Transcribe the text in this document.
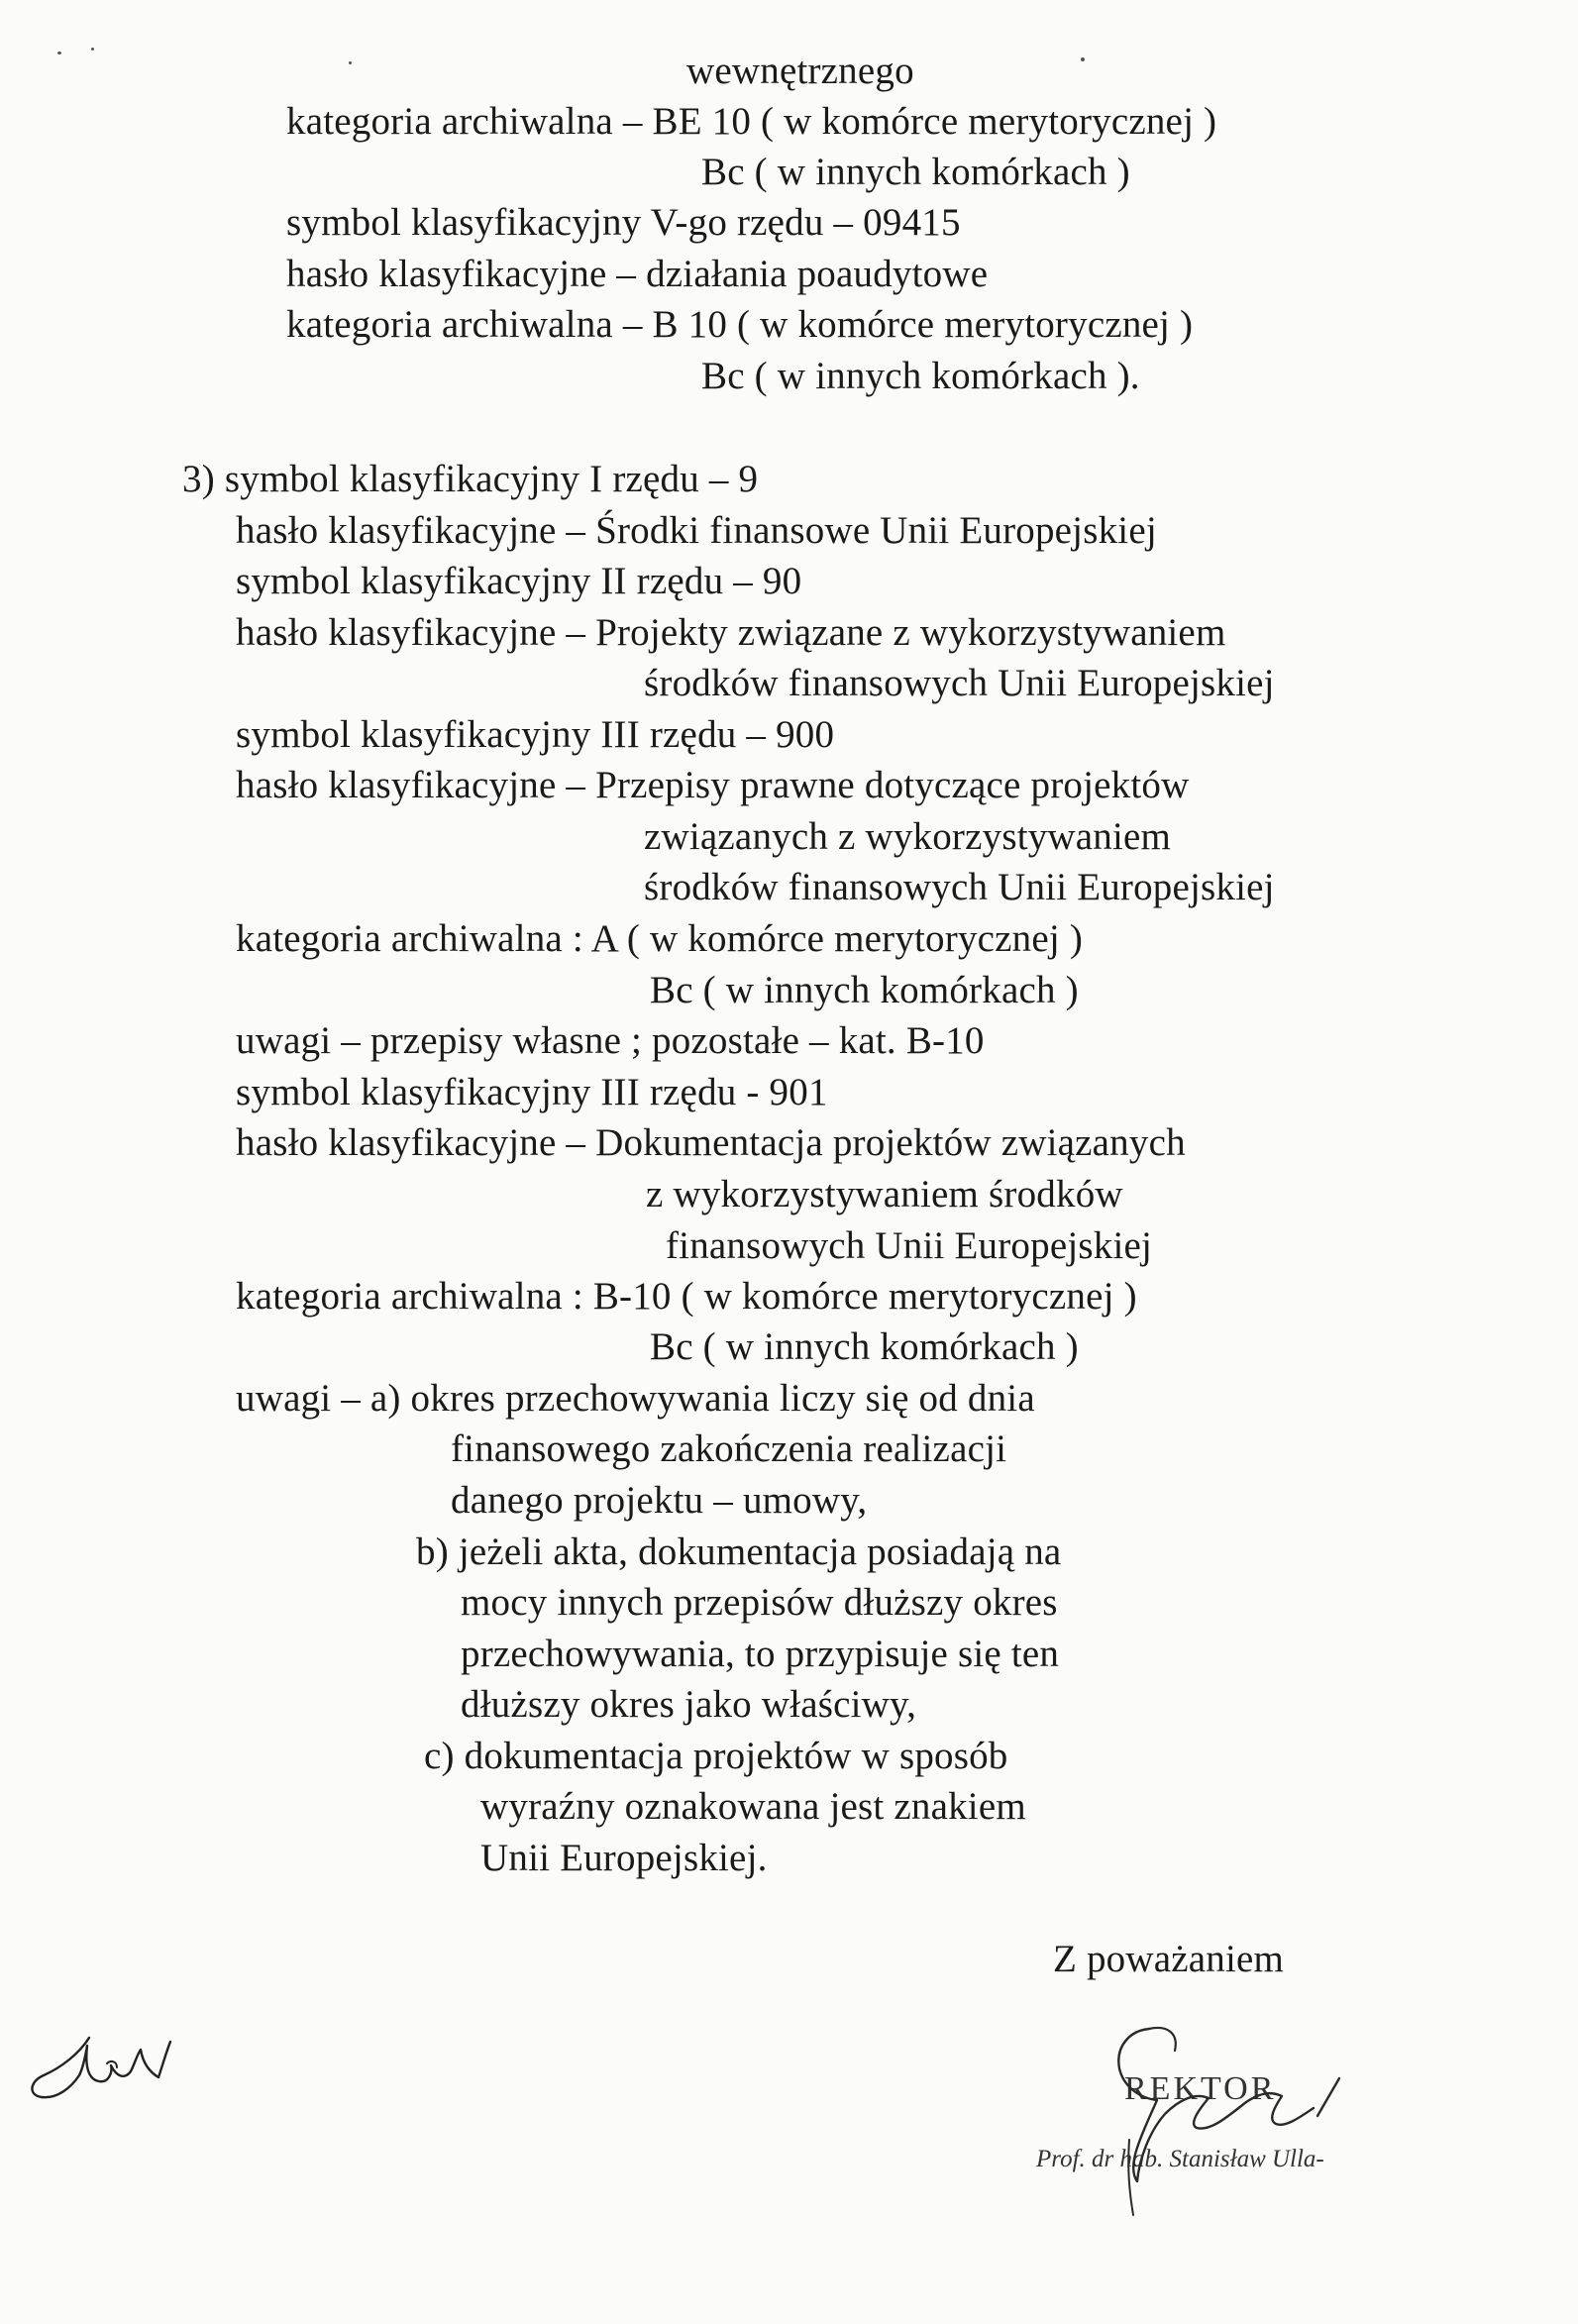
wewnętrznego
kategoria archiwalna – BE 10 ( w komórce merytorycznej )
Bc ( w innych komórkach )
symbol klasyfikacyjny V-go rzędu – 09415
hasło klasyfikacyjne – działania poaudytowe
kategoria archiwalna – B 10 ( w komórce merytorycznej )
Bc ( w innych komórkach ).
3) symbol klasyfikacyjny I rzędu – 9
hasło klasyfikacyjne – Środki finansowe Unii Europejskiej
symbol klasyfikacyjny II rzędu – 90
hasło klasyfikacyjne – Projekty związane z wykorzystywaniem
środków finansowych Unii Europejskiej
symbol klasyfikacyjny III rzędu – 900
hasło klasyfikacyjne – Przepisy prawne dotyczące projektów
związanych z wykorzystywaniem
środków finansowych Unii Europejskiej
kategoria archiwalna : A ( w komórce merytorycznej )
Bc ( w innych komórkach )
uwagi – przepisy własne ; pozostałe – kat. B-10
symbol klasyfikacyjny III rzędu - 901
hasło klasyfikacyjne – Dokumentacja projektów związanych
z wykorzystywaniem środków
finansowych Unii Europejskiej
kategoria archiwalna : B-10 ( w komórce merytorycznej )
Bc ( w innych komórkach )
uwagi – a) okres przechowywania liczy się od dnia
finansowego zakończenia realizacji
danego projektu – umowy,
b) jeżeli akta, dokumentacja posiadają na
mocy innych przepisów dłuższy okres
przechowywania, to przypisuje się ten
dłuższy okres jako właściwy,
c) dokumentacja projektów w sposób
wyraźny oznakowana jest znakiem
Unii Europejskiej.
Z poważaniem
REKTOR
Prof. dr hab. Stanisław Ulla-
